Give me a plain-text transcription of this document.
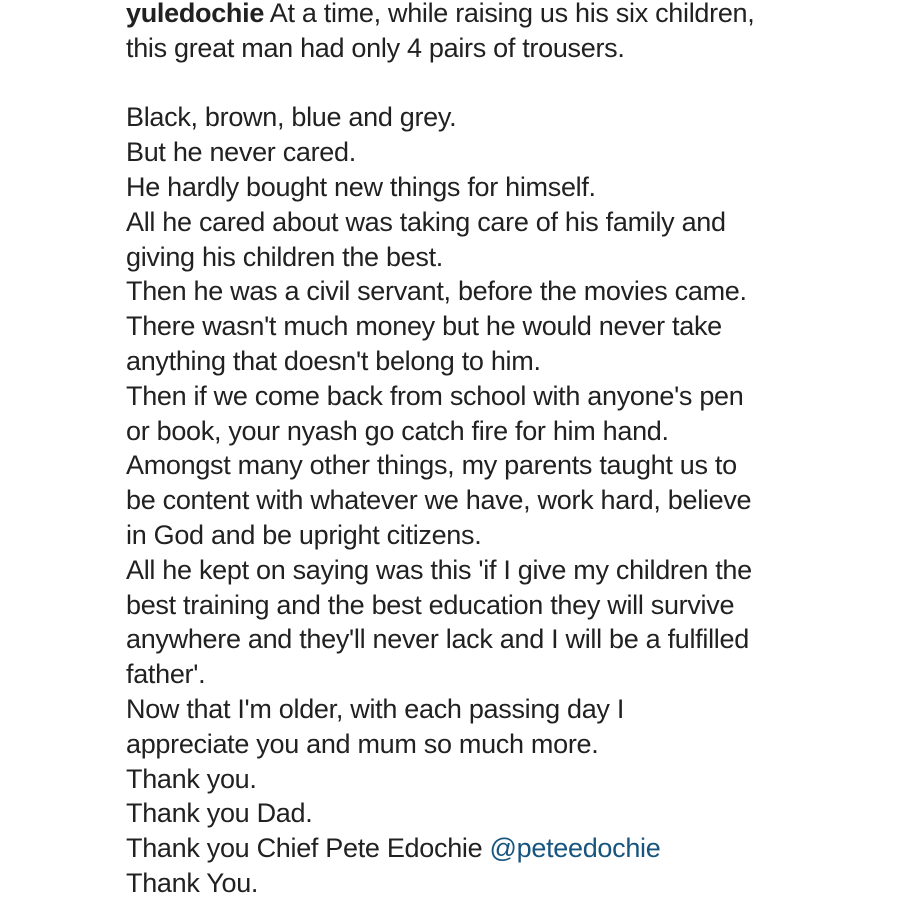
yuledochie At a time, while raising us his six children,
this great man had only 4 pairs of trousers.
Black, brown, blue and grey.
But he never cared.
He hardly bought new things for himself.
All he cared about was taking care of his family and
giving his children the best.
Then he was a civil servant, before the movies came.
There wasn't much money but he would never take
anything that doesn't belong to him.
Then if we come back from school with anyone's pen
or book, your nyash go catch fire for him hand.
Amongst many other things, my parents taught us to
be content with whatever we have, work hard, believe
in God and be upright citizens.
All he kept on saying was this 'if I give my children the
best training and the best education they will survive
anywhere and they'll never lack and I will be a fulfilled
father'.
Now that I'm older, with each passing day I
appreciate you and mum so much more.
Thank you.
Thank you Dad.
Thank you Chief Pete Edochie @peteedochie
Thank You.
